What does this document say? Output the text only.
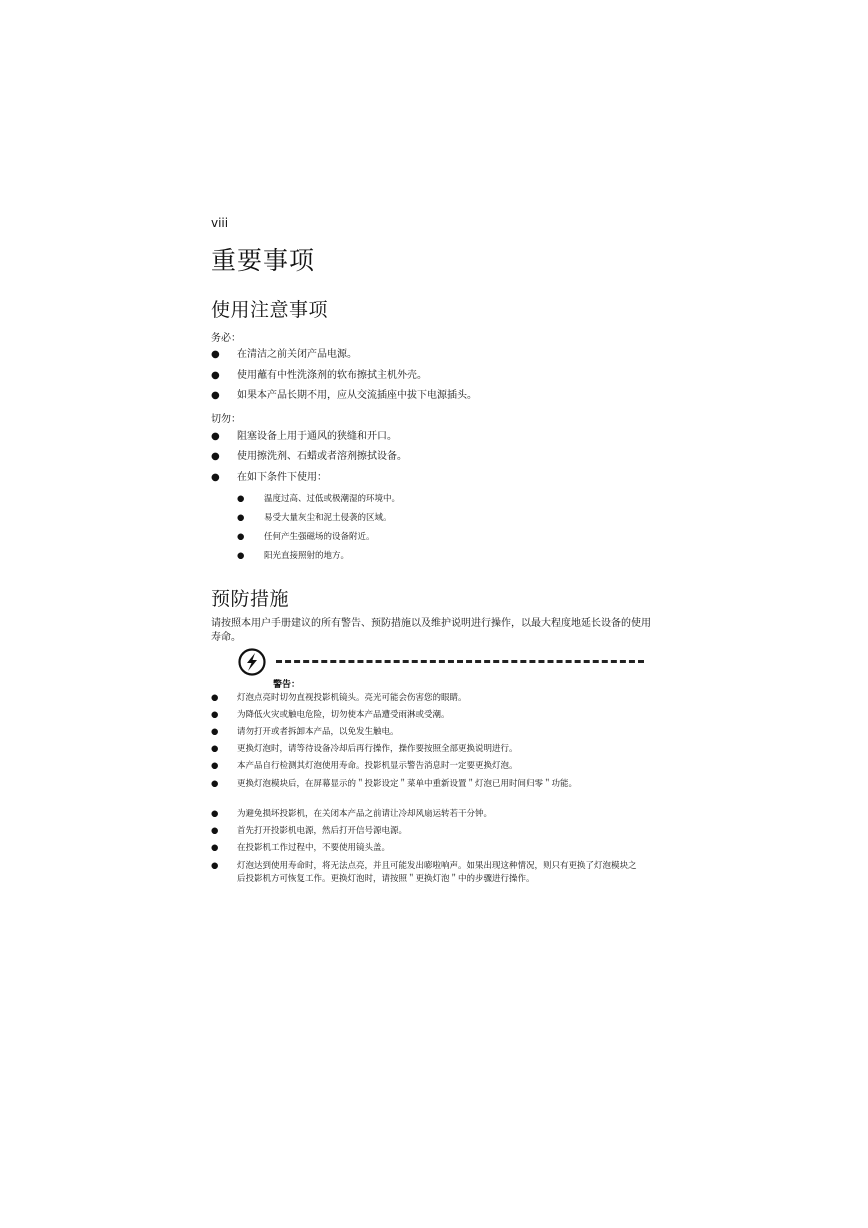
viii
重要事项
使用注意事项
务必：
● 在清洁之前关闭产品电源。
● 使用蘸有中性洗涤剂的软布擦拭主机外壳。
● 如果本产品长期不用，应从交流插座中拔下电源插头。
切勿：
● 阻塞设备上用于通风的狭缝和开口。
● 使用擦洗剂、石蜡或者溶剂擦拭设备。
● 在如下条件下使用：
●	温度过高、过低或极潮湿的环境中。
●	易受大量灰尘和泥土侵袭的区域。
●	任何产生强磁场的设备附近。
●	阳光直接照射的地方。
预防措施
请按照本用户手册建议的所有警告、预防措施以及维护说明进行操作，以最大程度地延长设备的使用寿命。
警告：
●	灯泡点亮时切勿直视投影机镜头。亮光可能会伤害您的眼睛。
●	为降低火灾或触电危险，切勿使本产品遭受雨淋或受潮。
●	请勿打开或者拆卸本产品，以免发生触电。
●	更换灯泡时，请等待设备冷却后再行操作，操作要按照全部更换说明进行。
●	本产品自行检测其灯泡使用寿命。投影机显示警告消息时一定要更换灯泡。
●	更换灯泡模块后，在屏幕显示的＂投影设定＂菜单中重新设置＂灯泡已用时间归零＂功能。
●	为避免损坏投影机，在关闭本产品之前请让冷却风扇运转若干分钟。
●	首先打开投影机电源，然后打开信号源电源。
●	在投影机工作过程中，不要使用镜头盖。
●	灯泡达到使用寿命时，将无法点亮，并且可能发出嘭啦响声。如果出现这种情况，则只有更换了灯泡模块之后投影机方可恢复工作。更换灯泡时，请按照＂更换灯泡＂中的步骤进行操作。
